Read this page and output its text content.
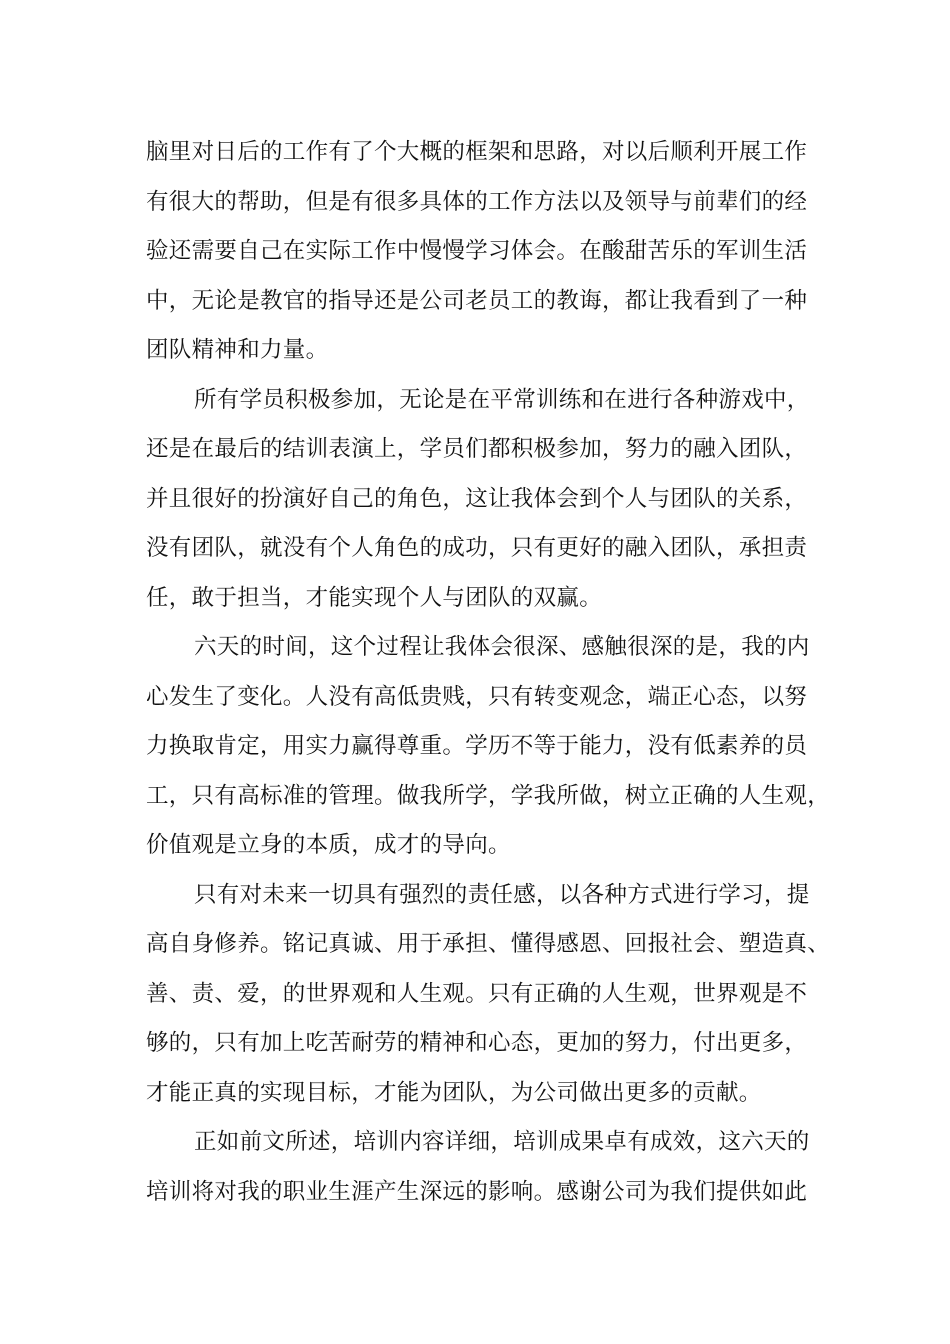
脑里对日后的工作有了个大概的框架和思路，对以后顺利开展工作
有很大的帮助，但是有很多具体的工作方法以及领导与前辈们的经
验还需要自己在实际工作中慢慢学习体会。在酸甜苦乐的军训生活
中，无论是教官的指导还是公司老员工的教诲，都让我看到了一种
团队精神和力量。
所有学员积极参加，无论是在平常训练和在进行各种游戏中，
还是在最后的结训表演上，学员们都积极参加，努力的融入团队，
并且很好的扮演好自己的角色，这让我体会到个人与团队的关系，
没有团队，就没有个人角色的成功，只有更好的融入团队，承担责
任，敢于担当，才能实现个人与团队的双赢。
六天的时间，这个过程让我体会很深、感触很深的是，我的内
心发生了变化。人没有高低贵贱，只有转变观念，端正心态，以努
力换取肯定，用实力赢得尊重。学历不等于能力，没有低素养的员
工，只有高标准的管理。做我所学，学我所做，树立正确的人生观，
价值观是立身的本质，成才的导向。
只有对未来一切具有强烈的责任感，以各种方式进行学习，提
高自身修养。铭记真诚、用于承担、懂得感恩、回报社会、塑造真、
善、责、爱，的世界观和人生观。只有正确的人生观，世界观是不
够的，只有加上吃苦耐劳的精神和心态，更加的努力，付出更多，
才能正真的实现目标，才能为团队，为公司做出更多的贡献。
正如前文所述，培训内容详细，培训成果卓有成效，这六天的
培训将对我的职业生涯产生深远的影响。感谢公司为我们提供如此
